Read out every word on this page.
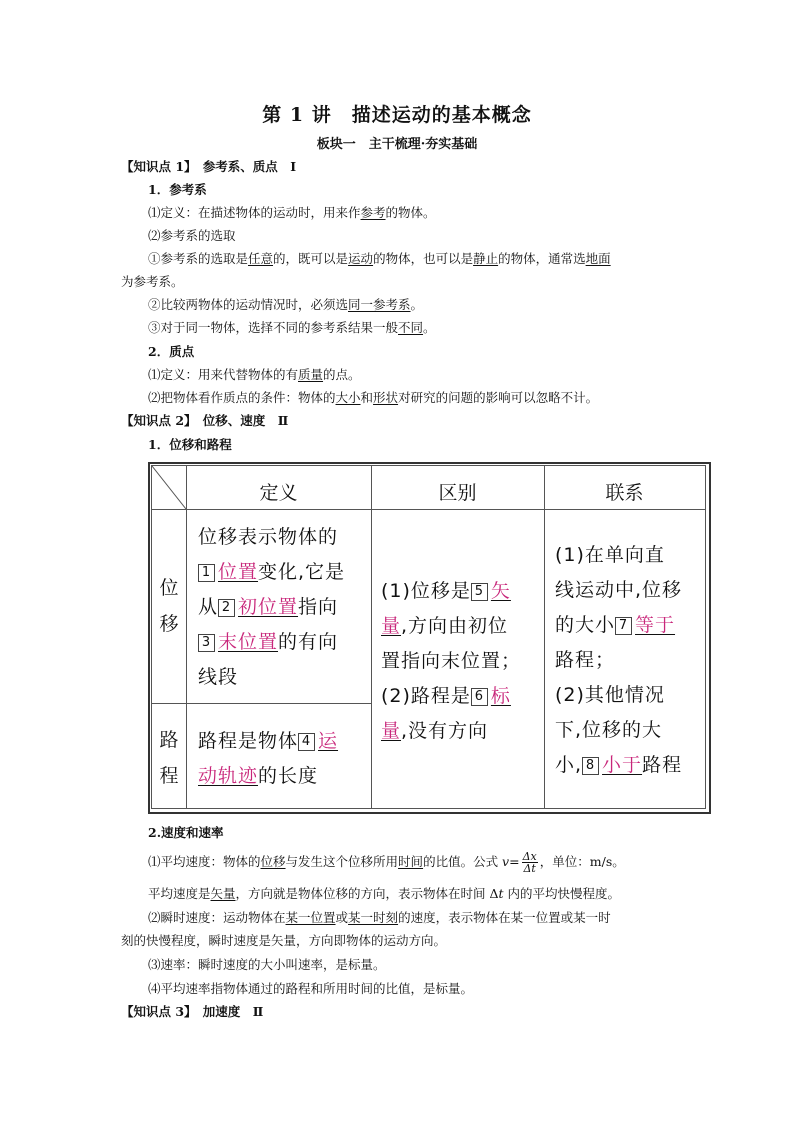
第 1 讲　描述运动的基本概念
板块一　主干梳理·夯实基础
【知识点 1】　参考系、质点　Ⅰ
1．参考系
⑴定义：在描述物体的运动时，用来作参考的物体。
⑵参考系的选取
①参考系的选取是任意的，既可以是运动的物体，也可以是静止的物体，通常选地面
为参考系。
②比较两物体的运动情况时，必须选同一参考系。
③对于同一物体，选择不同的参考系结果一般不同。
2．质点
⑴定义：用来代替物体的有质量的点。
⑵把物体看作质点的条件：物体的大小和形状对研究的问题的影响可以忽略不计。
【知识点 2】　位移、速度　Ⅱ
1．位移和路程
定义	区别	联系
位
移
路
程
位移表示物体的
1 位置变化,它是
从 2 初位置指向
3 末位置的有向
线段
路程是物体 4 运
动轨迹的长度
(1)位移是 5 矢
量,方向由初位
置指向末位置；
(2)路程是 6 标
量,没有方向
(1)在单向直
线运动中,位移
的大小 7 等于
路程；
(2)其他情况
下,位移的大
小, 8 小于路程
2.速度和速率
⑴平均速度：物体的位移与发生这个位移所用时间的比值。公式 $v= \frac{\Delta x}{\Delta t}$ ，单位：m/s。
平均速度是矢量，方向就是物体位移的方向，表示物体在时间 Δt 内的平均快慢程度。
⑵瞬时速度：运动物体在某一位置或某一时刻的速度，表示物体在某一位置或某一时
刻的快慢程度，瞬时速度是矢量，方向即物体的运动方向。
⑶速率：瞬时速度的大小叫速率，是标量。
⑷平均速率指物体通过的路程和所用时间的比值，是标量。
【知识点 3】　加速度　Ⅱ
